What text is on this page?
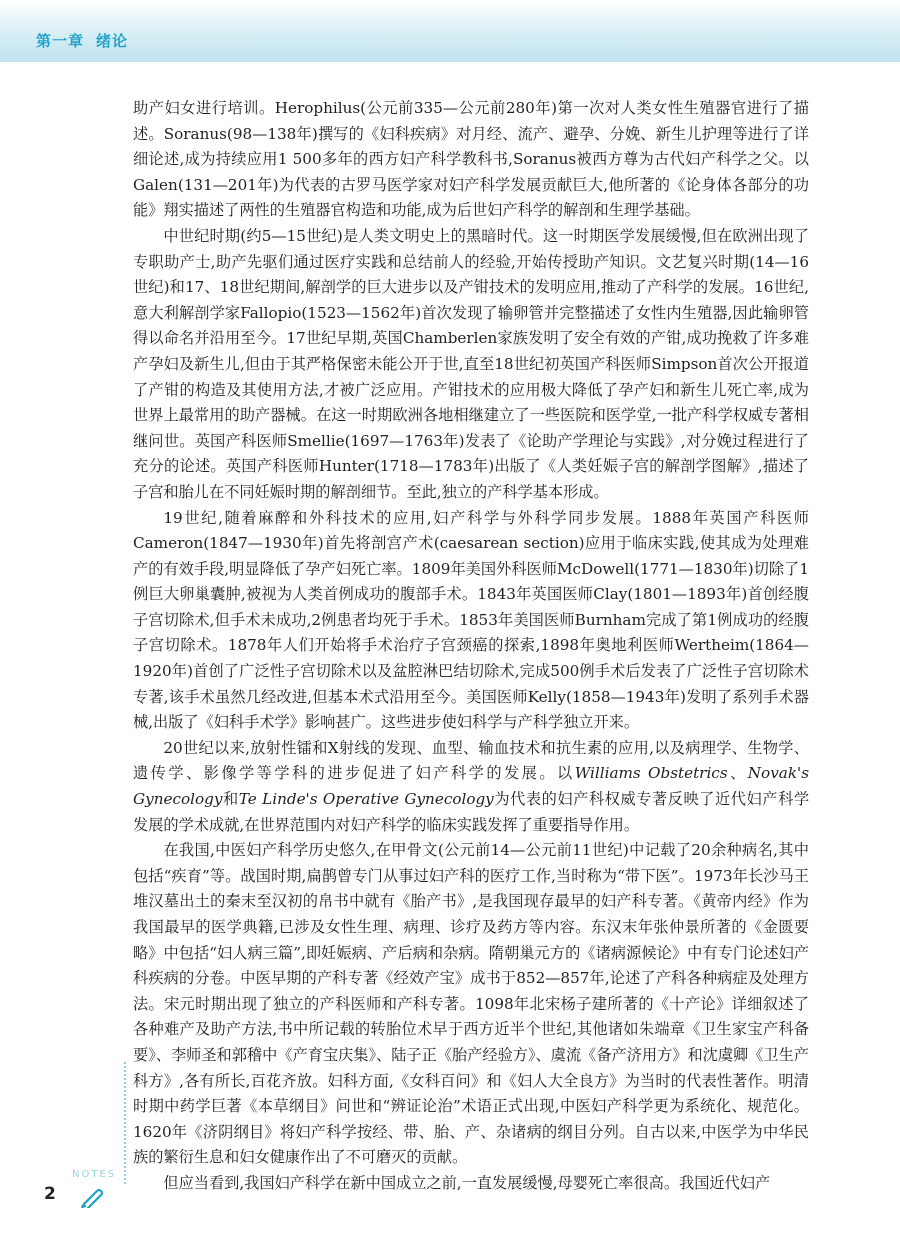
第一章 绪论

助产妇女进行培训。Herophilus(公元前335—公元前280年)第一次对人类女性生殖器官进行了描述。Soranus(98—138年)撰写的《妇科疾病》对月经、流产、避孕、分娩、新生儿护理等进行了详细论述,成为持续应用1 500多年的西方妇产科学教科书,Soranus被西方尊为古代妇产科学之父。以Galen(131—201年)为代表的古罗马医学家对妇产科学发展贡献巨大,他所著的《论身体各部分的功能》翔实描述了两性的生殖器官构造和功能,成为后世妇产科学的解剖和生理学基础。

中世纪时期(约5—15世纪)是人类文明史上的黑暗时代。这一时期医学发展缓慢,但在欧洲出现了专职助产士,助产先驱们通过医疗实践和总结前人的经验,开始传授助产知识。文艺复兴时期(14—16世纪)和17、18世纪期间,解剖学的巨大进步以及产钳技术的发明应用,推动了产科学的发展。16世纪,意大利解剖学家Fallopio(1523—1562年)首次发现了输卵管并完整描述了女性内生殖器,因此输卵管得以命名并沿用至今。17世纪早期,英国Chamberlen家族发明了安全有效的产钳,成功挽救了许多难产孕妇及新生儿,但由于其严格保密未能公开于世,直至18世纪初英国产科医师Simpson首次公开报道了产钳的构造及其使用方法,才被广泛应用。产钳技术的应用极大降低了孕产妇和新生儿死亡率,成为世界上最常用的助产器械。在这一时期欧洲各地相继建立了一些医院和医学堂,一批产科学权威专著相继问世。英国产科医师Smellie(1697—1763年)发表了《论助产学理论与实践》,对分娩过程进行了充分的论述。英国产科医师Hunter(1718—1783年)出版了《人类妊娠子宫的解剖学图解》,描述了子宫和胎儿在不同妊娠时期的解剖细节。至此,独立的产科学基本形成。

19世纪,随着麻醉和外科技术的应用,妇产科学与外科学同步发展。1888年英国产科医师Cameron(1847—1930年)首先将剖宫产术(caesarean section)应用于临床实践,使其成为处理难产的有效手段,明显降低了孕产妇死亡率。1809年美国外科医师McDowell(1771—1830年)切除了1例巨大卵巢囊肿,被视为人类首例成功的腹部手术。1843年英国医师Clay(1801—1893年)首创经腹子宫切除术,但手术未成功,2例患者均死于手术。1853年美国医师Burnham完成了第1例成功的经腹子宫切除术。1878年人们开始将手术治疗子宫颈癌的探索,1898年奥地利医师Wertheim(1864—1920年)首创了广泛性子宫切除术以及盆腔淋巴结切除术,完成500例手术后发表了广泛性子宫切除术专著,该手术虽然几经改进,但基本术式沿用至今。美国医师Kelly(1858—1943年)发明了系列手术器械,出版了《妇科手术学》影响甚广。这些进步使妇科学与产科学独立开来。

20世纪以来,放射性镭和X射线的发现、血型、输血技术和抗生素的应用,以及病理学、生物学、遗传学、影像学等学科的进步促进了妇产科学的发展。以Williams Obstetrics、Novak's Gynecology和Te Linde's Operative Gynecology为代表的妇产科权威专著反映了近代妇产科学发展的学术成就,在世界范围内对妇产科学的临床实践发挥了重要指导作用。

在我国,中医妇产科学历史悠久,在甲骨文(公元前14—公元前11世纪)中记载了20余种病名,其中包括“疾育”等。战国时期,扁鹊曾专门从事过妇产科的医疗工作,当时称为“带下医”。1973年长沙马王堆汉墓出土的秦末至汉初的帛书中就有《胎产书》,是我国现存最早的妇产科专著。《黄帝内经》作为我国最早的医学典籍,已涉及女性生理、病理、诊疗及药方等内容。东汉末年张仲景所著的《金匮要略》中包括“妇人病三篇”,即妊娠病、产后病和杂病。隋朝巢元方的《诸病源候论》中有专门论述妇产科疾病的分卷。中医早期的产科专著《经效产宝》成书于852—857年,论述了产科各种病症及处理方法。宋元时期出现了独立的产科医师和产科专著。1098年北宋杨子建所著的《十产论》详细叙述了各种难产及助产方法,书中所记载的转胎位术早于西方近半个世纪,其他诸如朱端章《卫生家宝产科备要》、李师圣和郭稽中《产育宝庆集》、陆子正《胎产经验方》、虞流《备产济用方》和沈虞卿《卫生产科方》,各有所长,百花齐放。妇科方面,《女科百问》和《妇人大全良方》为当时的代表性著作。明清时期中药学巨著《本草纲目》问世和“辨证论治”术语正式出现,中医妇产科学更为系统化、规范化。1620年《济阴纲目》将妇产科学按经、带、胎、产、杂诸病的纲目分列。自古以来,中医学为中华民族的繁衍生息和妇女健康作出了不可磨灭的贡献。

但应当看到,我国妇产科学在新中国成立之前,一直发展缓慢,母婴死亡率很高。我国近代妇产

NOTES
2
